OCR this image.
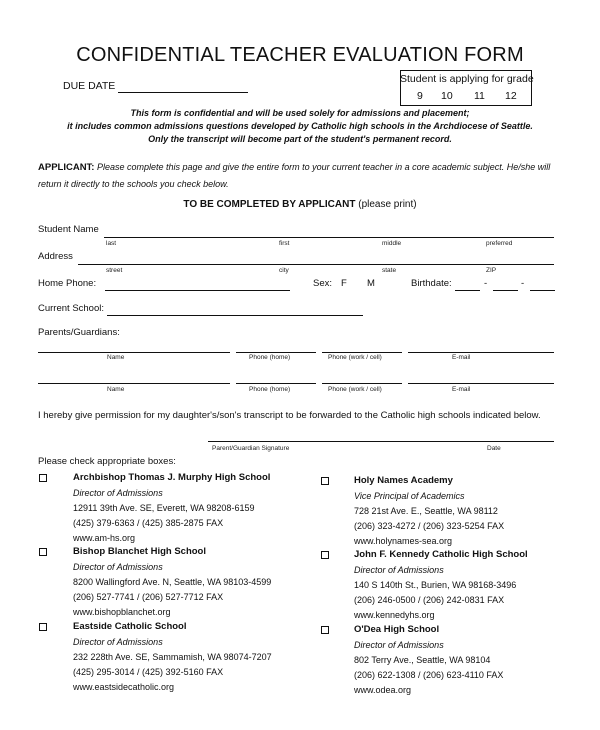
CONFIDENTIAL TEACHER EVALUATION FORM
DUE DATE
Student is applying for grade
9 10 11 12
This form is confidential and will be used solely for admissions and placement;
it includes common admissions questions developed by Catholic high schools in the Archdiocese of Seattle.
Only the transcript will become part of the student's permanent record.
APPLICANT: Please complete this page and give the entire form to your current teacher in a core academic subject. He/she will return it directly to the schools you check below.
TO BE COMPLETED BY APPLICANT (please print)
Student Name
last	first	middle	preferred
Address
street	city	state	ZIP
Home Phone:	Sex: F M	Birthdate:	-	-
Current School:
Parents/Guardians:
Name	Phone (home)	Phone (work / cell)	E-mail
Name	Phone (home)	Phone (work / cell)	E-mail
I hereby give permission for my daughter's/son's transcript to be forwarded to the Catholic high schools indicated below.
Parent/Guardian Signature	Date
Please check appropriate boxes:
Archbishop Thomas J. Murphy High School
Director of Admissions
12911 39th Ave. SE, Everett, WA 98208-6159
(425) 379-6363 / (425) 385-2875 FAX
www.am-hs.org
Holy Names Academy
Vice Principal of Academics
728 21st Ave. E., Seattle, WA 98112
(206) 323-4272 / (206) 323-5254 FAX
www.holynames-sea.org
Bishop Blanchet High School
Director of Admissions
8200 Wallingford Ave. N, Seattle, WA 98103-4599
(206) 527-7741 / (206) 527-7712 FAX
www.bishopblanchet.org
John F. Kennedy Catholic High School
Director of Admissions
140 S 140th St., Burien, WA 98168-3496
(206) 246-0500 / (206) 242-0831 FAX
www.kennedyhs.org
Eastside Catholic School
Director of Admissions
232 228th Ave. SE, Sammamish, WA 98074-7207
(425) 295-3014 / (425) 392-5160 FAX
www.eastsidecatholic.org
O'Dea High School
Director of Admissions
802 Terry Ave., Seattle, WA 98104
(206) 622-1308 / (206) 623-4110 FAX
www.odea.org
